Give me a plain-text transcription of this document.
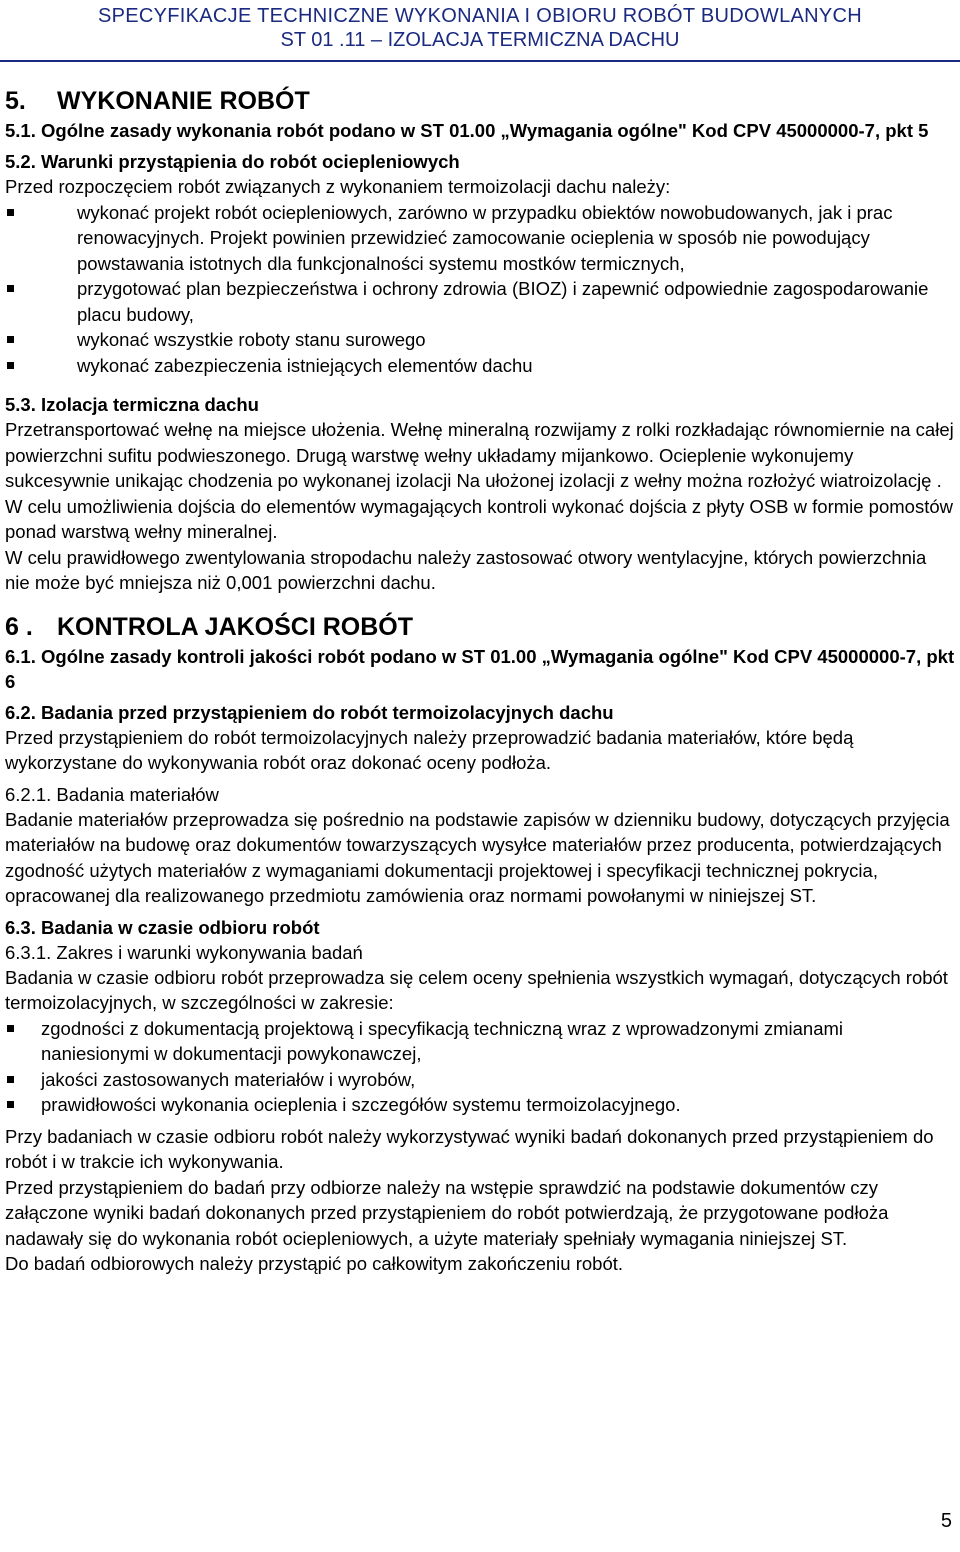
SPECYFIKACJE TECHNICZNE WYKONANIA I OBIORU ROBÓT BUDOWLANYCH
ST 01 .11 – IZOLACJA TERMICZNA DACHU
5. WYKONANIE ROBÓT
5.1. Ogólne zasady wykonania robót podano w ST 01.00 „Wymagania ogólne" Kod CPV 45000000-7, pkt 5
5.2. Warunki przystąpienia do robót ociepleniowych

Przed rozpoczęciem robót związanych z wykonaniem termoizolacji dachu należy:

wykonać projekt robót ociepleniowych, zarówno w przypadku obiektów nowobudowanych, jak i prac renowacyjnych. Projekt powinien przewidzieć zamocowanie ocieplenia w sposób nie powodujący powstawania istotnych dla funkcjonalności systemu mostków termicznych,
przygotować plan bezpieczeństwa i ochrony zdrowia (BIOZ) i zapewnić odpowiednie zagospodarowanie placu budowy,
wykonać wszystkie roboty stanu surowego
wykonać zabezpieczenia istniejących elementów dachu
5.3. Izolacja termiczna dachu

Przetransportować wełnę na miejsce ułożenia. Wełnę mineralną rozwijamy z rolki rozkładając równomiernie na całej powierzchni sufitu podwieszonego. Drugą warstwę wełny układamy mijankowo. Ocieplenie wykonujemy sukcesywnie unikając chodzenia po wykonanej izolacji Na ułożonej izolacji z wełny można rozłożyć wiatroizolację . W celu umożliwienia dojścia do elementów wymagających kontroli wykonać dojścia z płyty OSB w formie pomostów ponad warstwą wełny mineralnej.

W celu prawidłowego zwentylowania stropodachu należy zastosować otwory wentylacyjne, których powierzchnia nie może być mniejsza niż 0,001 powierzchni dachu.

6 . KONTROLA JAKOŚCI ROBÓT
6.1. Ogólne zasady kontroli jakości robót podano w ST 01.00 „Wymagania ogólne" Kod CPV 45000000-7, pkt 6
6.2. Badania przed przystąpieniem do robót termoizolacyjnych dachu

Przed przystąpieniem do robót termoizolacyjnych należy przeprowadzić badania materiałów, które będą wykorzystane do wykonywania robót oraz dokonać oceny podłoża.

6.2.1. Badania materiałów

Badanie materiałów przeprowadza się pośrednio na podstawie zapisów w dzienniku budowy, dotyczących przyjęcia materiałów na budowę oraz dokumentów towarzyszących wysyłce materiałów przez producenta, potwierdzających zgodność użytych materiałów z wymaganiami dokumentacji projektowej i specyfikacji technicznej pokrycia, opracowanej dla realizowanego przedmiotu zamówienia oraz normami powołanymi w niniejszej ST.

6.3. Badania w czasie odbioru robót
6.3.1. Zakres i warunki wykonywania badań

Badania w czasie odbioru robót przeprowadza się celem oceny spełnienia wszystkich wymagań, dotyczących robót termoizolacyjnych, w szczególności w zakresie:

zgodności z dokumentacją projektową i specyfikacją techniczną wraz z wprowadzonymi zmianami naniesionymi w dokumentacji powykonawczej,
jakości zastosowanych materiałów i wyrobów,
prawidłowości wykonania ocieplenia i szczegółów systemu termoizolacyjnego.

Przy badaniach w czasie odbioru robót należy wykorzystywać wyniki badań dokonanych przed przystąpieniem do robót i w trakcie ich wykonywania.

Przed przystąpieniem do badań przy odbiorze należy na wstępie sprawdzić na podstawie dokumentów czy załączone wyniki badań dokonanych przed przystąpieniem do robót potwierdzają, że przygotowane podłoża nadawały się do wykonania robót ociepleniowych, a użyte materiały spełniały wymagania niniejszej ST.

Do badań odbiorowych należy przystąpić po całkowitym zakończeniu robót.

5
